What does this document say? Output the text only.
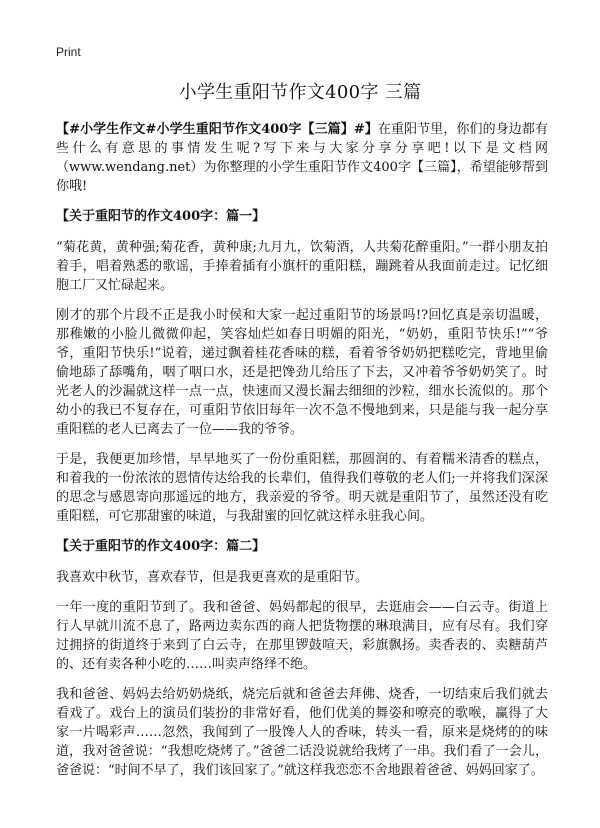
Print
小学生重阳节作文400字 三篇

【#小学生作文#小学生重阳节作文400字【三篇】#】在重阳节里，你们的身边都有些什么有意思的事情发生呢?写下来与大家分享分享吧!以下是文档网（www.wendang.net）为你整理的小学生重阳节作文400字【三篇】，希望能够帮到你哦!

【关于重阳节的作文400字：篇一】

“菊花黄，黄种强;菊花香，黄种康;九月九，饮菊酒，人共菊花醉重阳。”一群小朋友拍着手，唱着熟悉的歌谣，手捧着插有小旗杆的重阳糕，蹦跳着从我面前走过。记忆细胞工厂又忙碌起来。

刚才的那个片段不正是我小时侯和大家一起过重阳节的场景吗!?回忆真是亲切温暖，那稚嫩的小脸儿微微仰起，笑容灿烂如春日明媚的阳光，“奶奶，重阳节快乐!”“爷爷，重阳节快乐!”说着，递过飘着桂花香味的糕，看着爷爷奶奶把糕吃完，背地里偷偷地舔了舔嘴角，咽了咽口水，还是把馋劲儿给压了下去，又冲着爷爷奶奶笑了。时光老人的沙漏就这样一点一点，快速而又漫长漏去细细的沙粒，细水长流似的。那个幼小的我已不复存在，可重阳节依旧每年一次不急不慢地到来，只是能与我一起分享重阳糕的老人已离去了一位——我的爷爷。

于是，我便更加珍惜，早早地买了一份份重阳糕，那圆润的、有着糯米清香的糕点，和着我的一份浓浓的恩情传达给我的长辈们，值得我们尊敬的老人们;一并将我们深深的思念与感恩寄向那遥远的地方，我亲爱的爷爷。明天就是重阳节了，虽然还没有吃重阳糕，可它那甜蜜的味道，与我甜蜜的回忆就这样永驻我心间。

【关于重阳节的作文400字：篇二】

我喜欢中秋节，喜欢春节，但是我更喜欢的是重阳节。

一年一度的重阳节到了。我和爸爸、妈妈都起的很早，去逛庙会——白云寺。街道上行人早就川流不息了，路两边卖东西的商人把货物摆的琳琅满目，应有尽有。我们穿过拥挤的街道终于来到了白云寺，在那里锣鼓喧天，彩旗飘扬。卖香表的、卖糖葫芦的、还有卖各种小吃的……叫卖声络绎不绝。

我和爸爸、妈妈去给奶奶烧纸，烧完后就和爸爸去拜佛、烧香，一切结束后我们就去看戏了。戏台上的演员们装扮的非常好看，他们优美的舞姿和嘹亮的歌喉，赢得了大家一片喝彩声……忽然，我闻到了一股馋人人的香味，转头一看，原来是烧烤的的味道，我对爸爸说：“我想吃烧烤了。”爸爸二话没说就给我烤了一串。我们看了一会儿，爸爸说：“时间不早了，我们该回家了。”就这样我恋恋不舍地跟着爸爸、妈妈回家了。
